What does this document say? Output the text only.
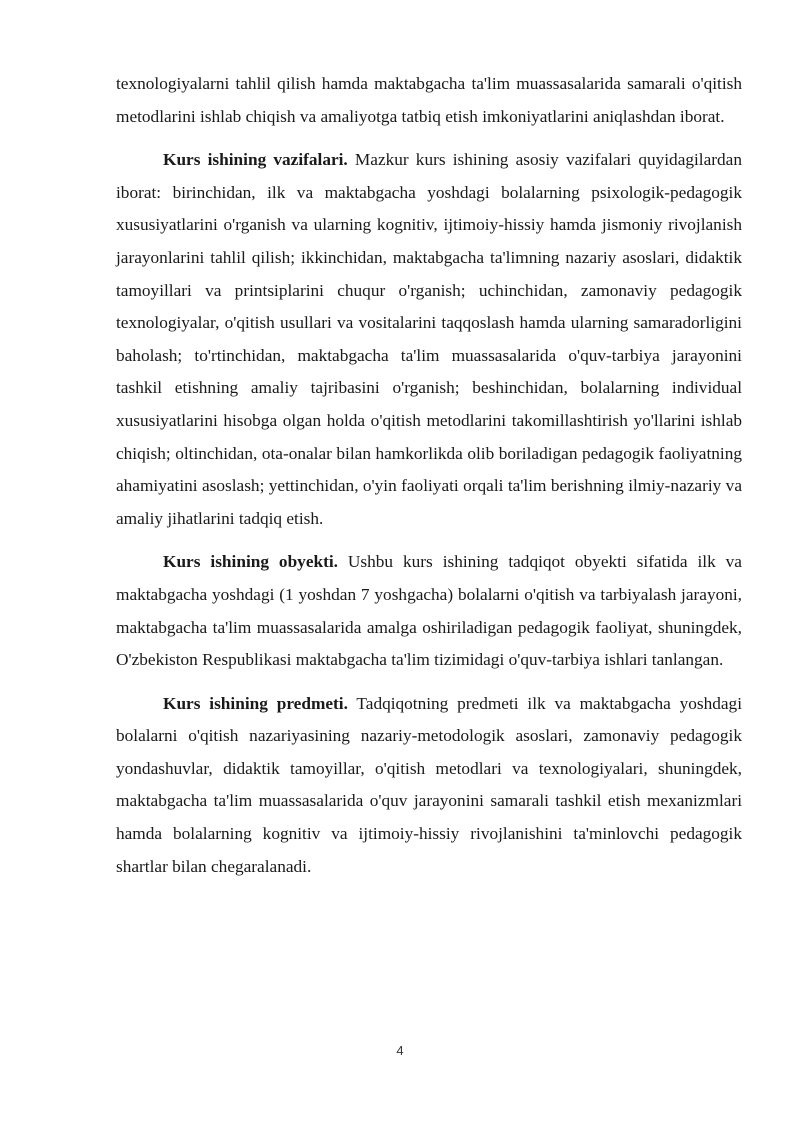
texnologiyalarni tahlil qilish hamda maktabgacha ta'lim muassasalarida samarali o'qitish metodlarini ishlab chiqish va amaliyotga tatbiq etish imkoniyatlarini aniqlashdan iborat.

Kurs ishining vazifalari. Mazkur kurs ishining asosiy vazifalari quyidagilardan iborat: birinchidan, ilk va maktabgacha yoshdagi bolalarning psixologik-pedagogik xususiyatlarini o'rganish va ularning kognitiv, ijtimoiy-hissiy hamda jismoniy rivojlanish jarayonlarini tahlil qilish; ikkinchidan, maktabgacha ta'limning nazariy asoslari, didaktik tamoyillari va printsiplarini chuqur o'rganish; uchinchidan, zamonaviy pedagogik texnologiyalar, o'qitish usullari va vositalarini taqqoslash hamda ularning samaradorligini baholash; to'rtinchidan, maktabgacha ta'lim muassasalarida o'quv-tarbiya jarayonini tashkil etishning amaliy tajribasini o'rganish; beshinchidan, bolalarning individual xususiyatlarini hisobga olgan holda o'qitish metodlarini takomillashtirish yo'llarini ishlab chiqish; oltinchidan, ota-onalar bilan hamkorlikda olib boriladigan pedagogik faoliyatning ahamiyatini asoslash; yettinchidan, o'yin faoliyati orqali ta'lim berishning ilmiy-nazariy va amaliy jihatlarini tadqiq etish.

Kurs ishining obyekti. Ushbu kurs ishining tadqiqot obyekti sifatida ilk va maktabgacha yoshdagi (1 yoshdan 7 yoshgacha) bolalarni o'qitish va tarbiyalash jarayoni, maktabgacha ta'lim muassasalarida amalga oshiriladigan pedagogik faoliyat, shuningdek, O'zbekiston Respublikasi maktabgacha ta'lim tizimidagi o'quv-tarbiya ishlari tanlangan.

Kurs ishining predmeti. Tadqiqotning predmeti ilk va maktabgacha yoshdagi bolalarni o'qitish nazariyasining nazariy-metodologik asoslari, zamonaviy pedagogik yondashuvlar, didaktik tamoyillar, o'qitish metodlari va texnologiyalari, shuningdek, maktabgacha ta'lim muassasalarida o'quv jarayonini samarali tashkil etish mexanizmlari hamda bolalarning kognitiv va ijtimoiy-hissiy rivojlanishini ta'minlovchi pedagogik shartlar bilan chegaralanadi.

4
